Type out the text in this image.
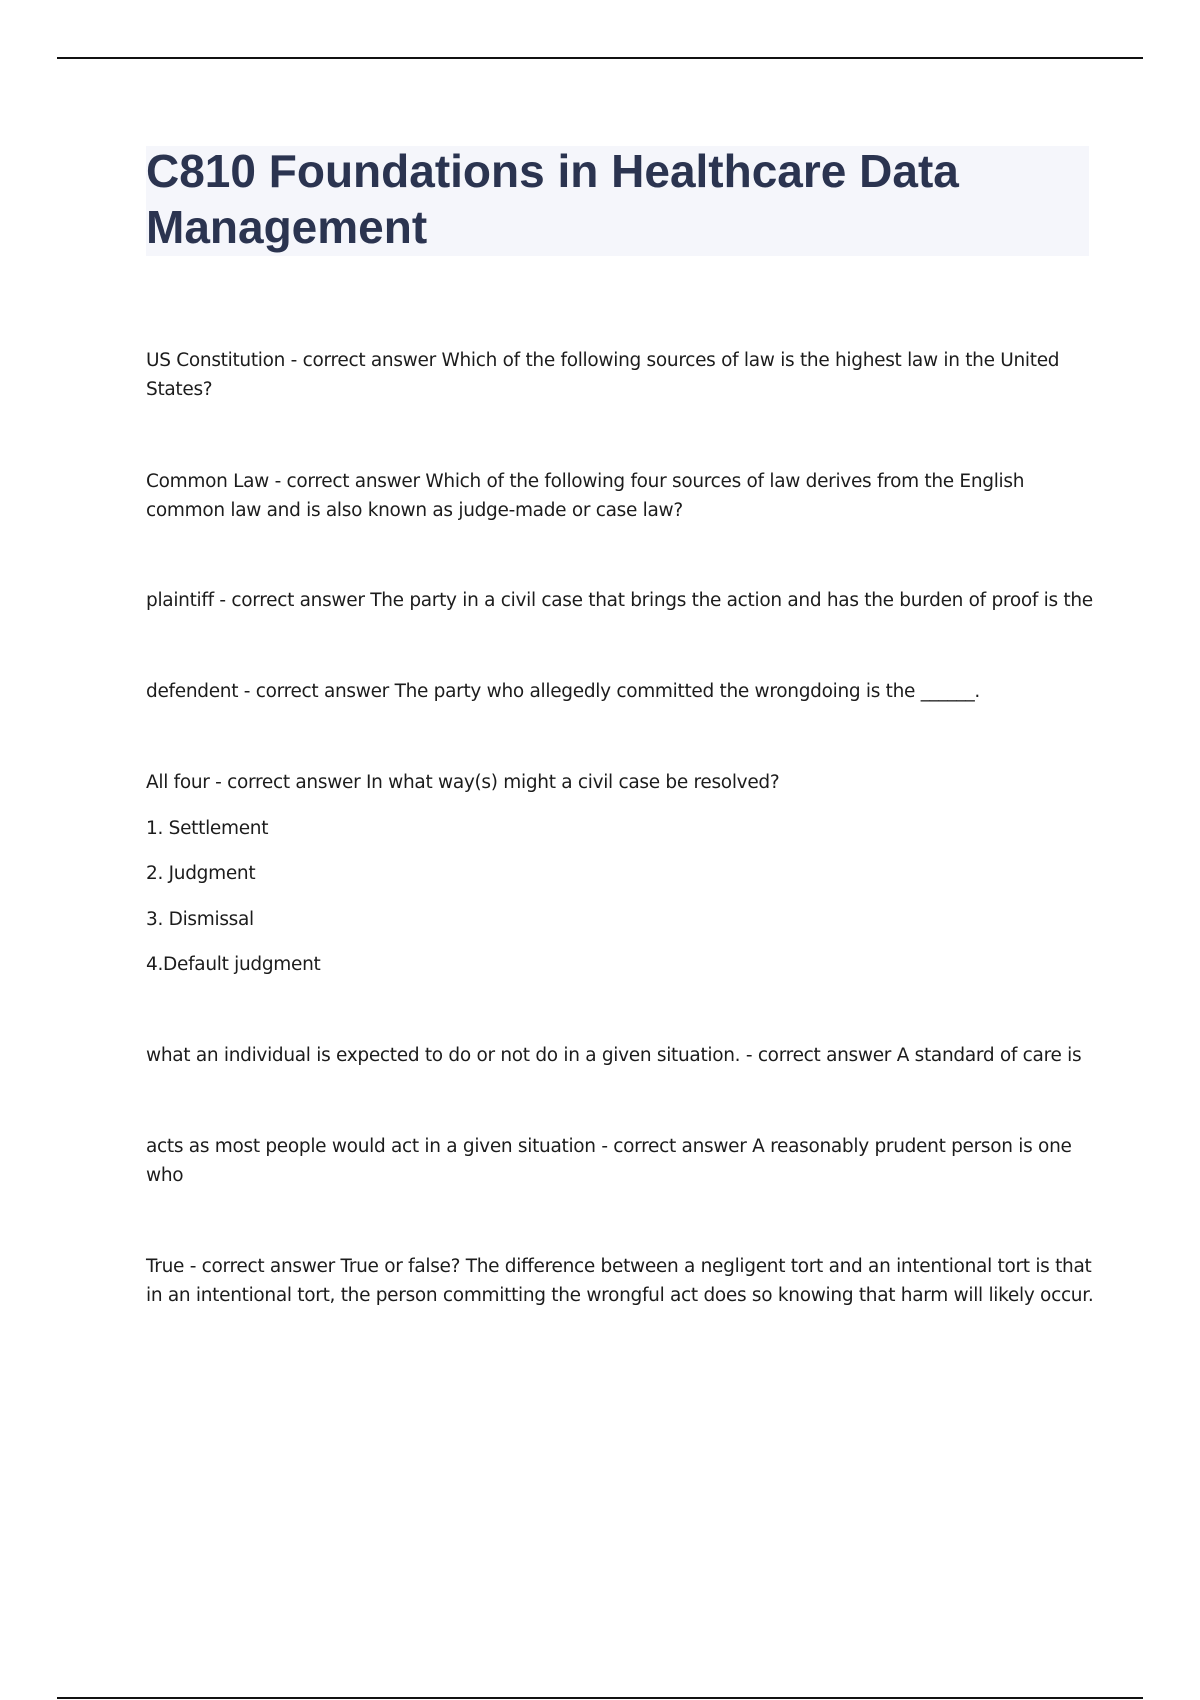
C810 Foundations in Healthcare Data Management

US Constitution - correct answer Which of the following sources of law is the highest law in the United States?

Common Law - correct answer Which of the following four sources of law derives from the English common law and is also known as judge-made or case law?

plaintiff - correct answer The party in a civil case that brings the action and has the burden of proof is the

defendent - correct answer The party who allegedly committed the wrongdoing is the ______.

All four - correct answer In what way(s) might a civil case be resolved?

1. Settlement

2. Judgment

3. Dismissal

4.Default judgment

what an individual is expected to do or not do in a given situation. - correct answer A standard of care is

acts as most people would act in a given situation - correct answer A reasonably prudent person is one who

True - correct answer True or false? The difference between a negligent tort and an intentional tort is that in an intentional tort, the person committing the wrongful act does so knowing that harm will likely occur.
